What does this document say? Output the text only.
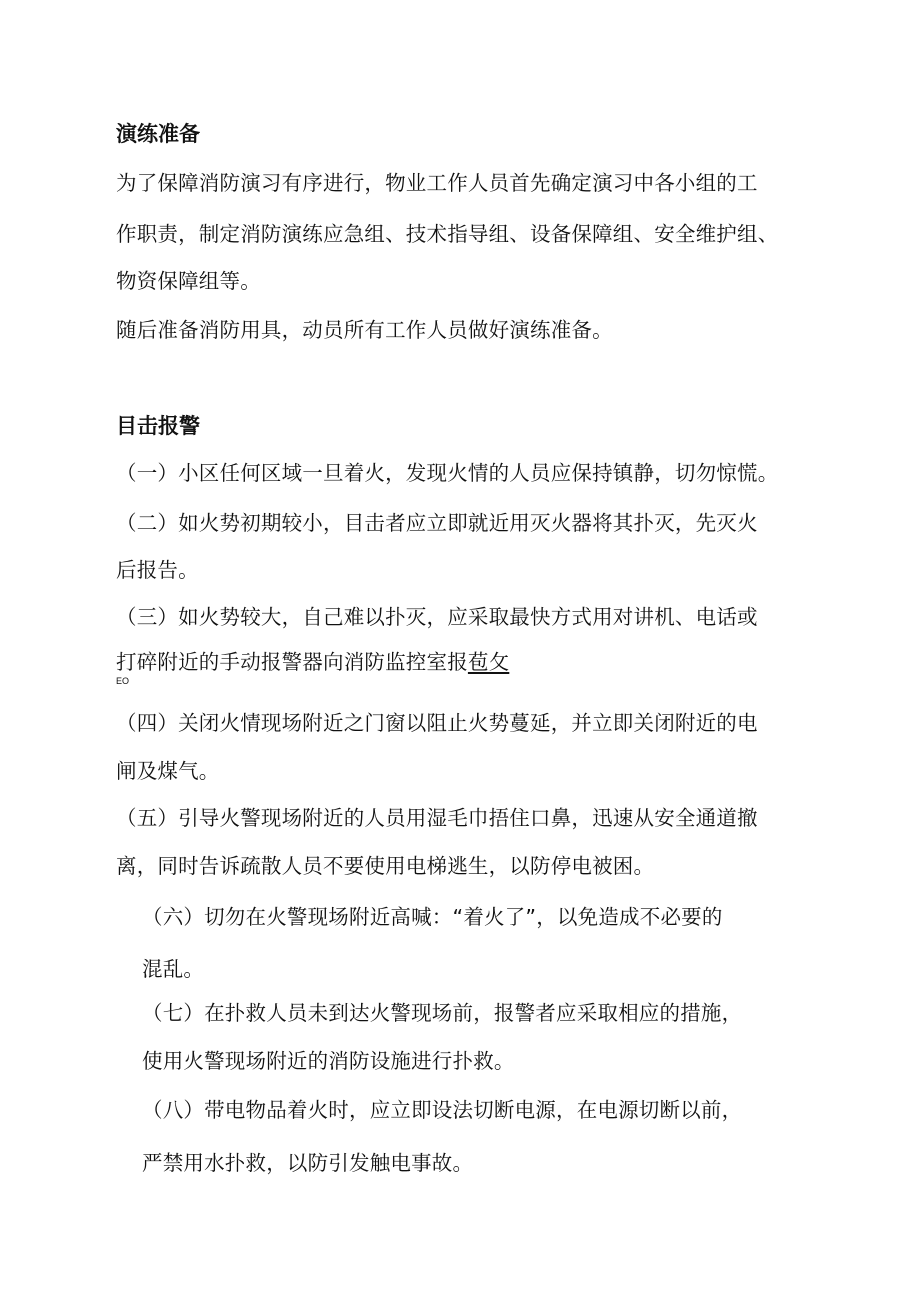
演练准备
为了保障消防演习有序进行，物业工作人员首先确定演习中各小组的工
作职责，制定消防演练应急组、技术指导组、设备保障组、安全维护组、
物资保障组等。
随后准备消防用具，动员所有工作人员做好演练准备。
目击报警
（一）小区任何区域一旦着火，发现火情的人员应保持镇静，切勿惊慌。
（二）如火势初期较小，目击者应立即就近用灭火器将其扑灭，先灭火
后报告。
（三）如火势较大，自己难以扑灭，应采取最快方式用对讲机、电话或
打碎附近的手动报警器向消防监控室报苞攵
EO
（四）关闭火情现场附近之门窗以阻止火势蔓延，并立即关闭附近的电
闸及煤气。
（五）引导火警现场附近的人员用湿毛巾捂住口鼻，迅速从安全通道撤
离，同时告诉疏散人员不要使用电梯逃生，以防停电被困。
（六）切勿在火警现场附近高喊：“着火了”，以免造成不必要的
混乱。
（七）在扑救人员未到达火警现场前，报警者应采取相应的措施，
使用火警现场附近的消防设施进行扑救。
（八）带电物品着火时，应立即设法切断电源，在电源切断以前，
严禁用水扑救，以防引发触电事故。
